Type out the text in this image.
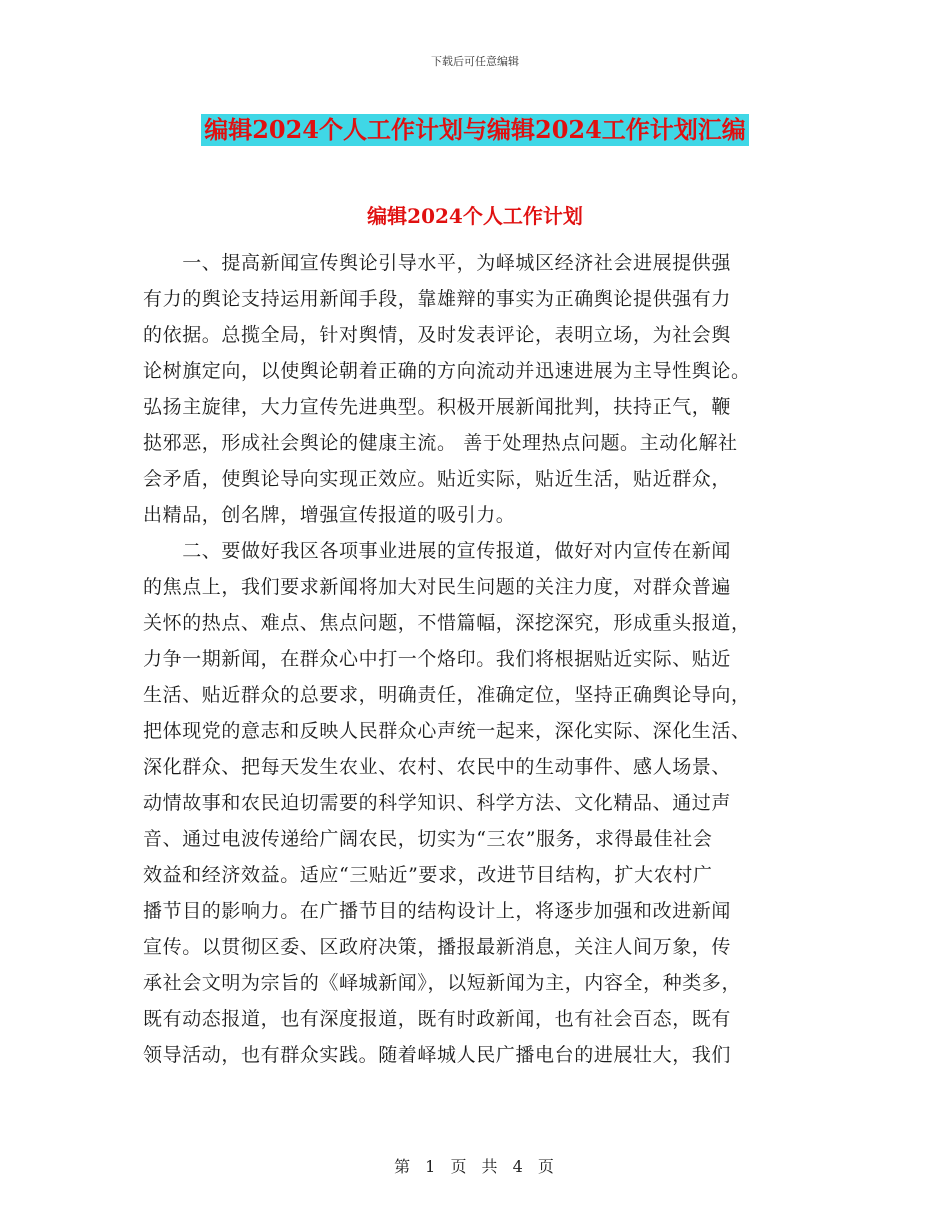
下载后可任意编辑
编辑2024个人工作计划与编辑2024工作计划汇编
编辑2024个人工作计划
　　一、提高新闻宣传舆论引导水平，为峄城区经济社会进展提供强
有力的舆论支持运用新闻手段，靠雄辩的事实为正确舆论提供强有力
的依据。总揽全局，针对舆情，及时发表评论，表明立场，为社会舆
论树旗定向，以使舆论朝着正确的方向流动并迅速进展为主导性舆论。
弘扬主旋律，大力宣传先进典型。积极开展新闻批判，扶持正气，鞭
挞邪恶，形成社会舆论的健康主流。 善于处理热点问题。主动化解社
会矛盾，使舆论导向实现正效应。贴近实际，贴近生活，贴近群众，
出精品，创名牌，增强宣传报道的吸引力。
　　二、要做好我区各项事业进展的宣传报道，做好对内宣传在新闻
的焦点上，我们要求新闻将加大对民生问题的关注力度，对群众普遍
关怀的热点、难点、焦点问题，不惜篇幅，深挖深究，形成重头报道，
力争一期新闻，在群众心中打一个烙印。我们将根据贴近实际、贴近
生活、贴近群众的总要求，明确责任，准确定位，坚持正确舆论导向，
把体现党的意志和反映人民群众心声统一起来，深化实际、深化生活、
深化群众、把每天发生农业、农村、农民中的生动事件、感人场景、
动情故事和农民迫切需要的科学知识、科学方法、文化精品、通过声
音、通过电波传递给广阔农民，切实为“三农”服务，求得最佳社会
效益和经济效益。适应“三贴近”要求，改进节目结构，扩大农村广
播节目的影响力。在广播节目的结构设计上，将逐步加强和改进新闻
宣传。以贯彻区委、区政府决策，播报最新消息，关注人间万象，传
承社会文明为宗旨的《峄城新闻》，以短新闻为主，内容全，种类多，
既有动态报道，也有深度报道，既有时政新闻，也有社会百态，既有
领导活动，也有群众实践。随着峄城人民广播电台的进展壮大，我们
第 1 页 共 4 页
